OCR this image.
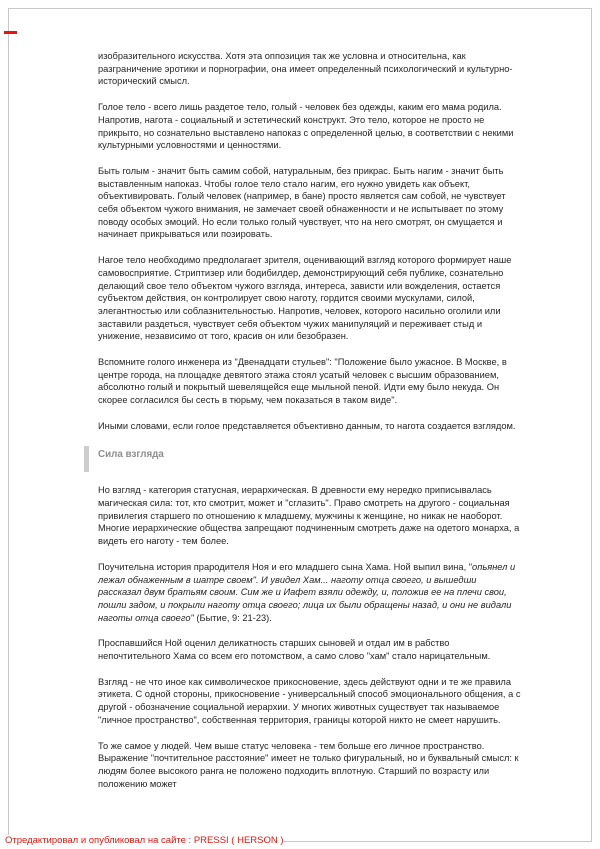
изобразительного искусства. Хотя эта оппозиция так же условна и относительна, как разграничение эротики и порнографии, она имеет определенный психологический и культурно-исторический смысл.

Голое тело - всего лишь раздетое тело, голый - человек без одежды, каким его мама родила. Напротив, нагота - социальный и эстетический конструкт. Это тело, которое не просто не прикрыто, но сознательно выставлено напоказ с определенной целью, в соответствии с некими культурными условностями и ценностями.

Быть голым - значит быть самим собой, натуральным, без прикрас. Быть нагим - значит быть выставленным напоказ. Чтобы голое тело стало нагим, его нужно увидеть как объект, объективировать. Голый человек (например, в бане) просто является сам собой, не чувствует себя объектом чужого внимания, не замечает своей обнаженности и не испытывает по этому поводу особых эмоций. Но если только голый чувствует, что на него смотрят, он смущается и начинает прикрываться или позировать.

Нагое тело необходимо предполагает зрителя, оценивающий взгляд которого формирует наше самовосприятие. Стриптизер или бодибилдер, демонстрирующий себя публике, сознательно делающий свое тело объектом чужого взгляда, интереса, зависти или вожделения, остается субъектом действия, он контролирует свою наготу, гордится своими мускулами, силой, элегантностью или соблазнительностью. Напротив, человек, которого насильно оголили или заставили раздеться, чувствует себя объектом чужих манипуляций и переживает стыд и унижение, независимо от того, красив он или безобразен.

Вспомните голого инженера из "Двенадцати стульев": "Положение было ужасное. В Москве, в центре города, на площадке девятого этажа стоял усатый человек с высшим образованием, абсолютно голый и покрытый шевелящейся еще мыльной пеной. Идти ему было некуда. Он скорее согласился бы сесть в тюрьму, чем показаться в таком виде".

Иными словами, если голое представляется объективно данным, то нагота создается взглядом.

Сила взгляда

Но взгляд - категория статусная, иерархическая. В древности ему нередко приписывалась магическая сила: тот, кто смотрит, может и "сглазить". Право смотреть на другого - социальная привилегия старшего по отношению к младшему, мужчины к женщине, но никак не наоборот. Многие иерархические общества запрещают подчиненным смотреть даже на одетого монарха, а видеть его наготу - тем более.

Поучительна история прародителя Ноя и его младшего сына Хама. Ной выпил вина, "опьянел и лежал обнаженным в шатре своем". И увидел Хам... наготу отца своего, и вышедши рассказал двум братьям своим. Сим же и Иафет взяли одежду, и, положив ее на плечи свои, пошли задом, и покрыли наготу отца своего; лица их были обращены назад, и они не видали наготы отца своего" (Бытие, 9: 21-23).

Проспавшийся Ной оценил деликатность старших сыновей и отдал им в рабство непочтительного Хама со всем его потомством, а само слово "хам" стало нарицательным.

Взгляд - не что иное как символическое прикосновение, здесь действуют одни и те же правила этикета. С одной стороны, прикосновение - универсальный способ эмоционального общения, а с другой - обозначение социальной иерархии. У многих животных существует так называемое "личное пространство", собственная территория, границы которой никто не смеет нарушить.

То же самое у людей. Чем выше статус человека - тем больше его личное пространство. Выражение "почтительное расстояние" имеет не только фигуральный, но и буквальный смысл: к людям более высокого ранга не положено подходить вплотную. Старший по возрасту или положению может

Отредактировал и опубликовал на сайте : PRESSI ( HERSON )
